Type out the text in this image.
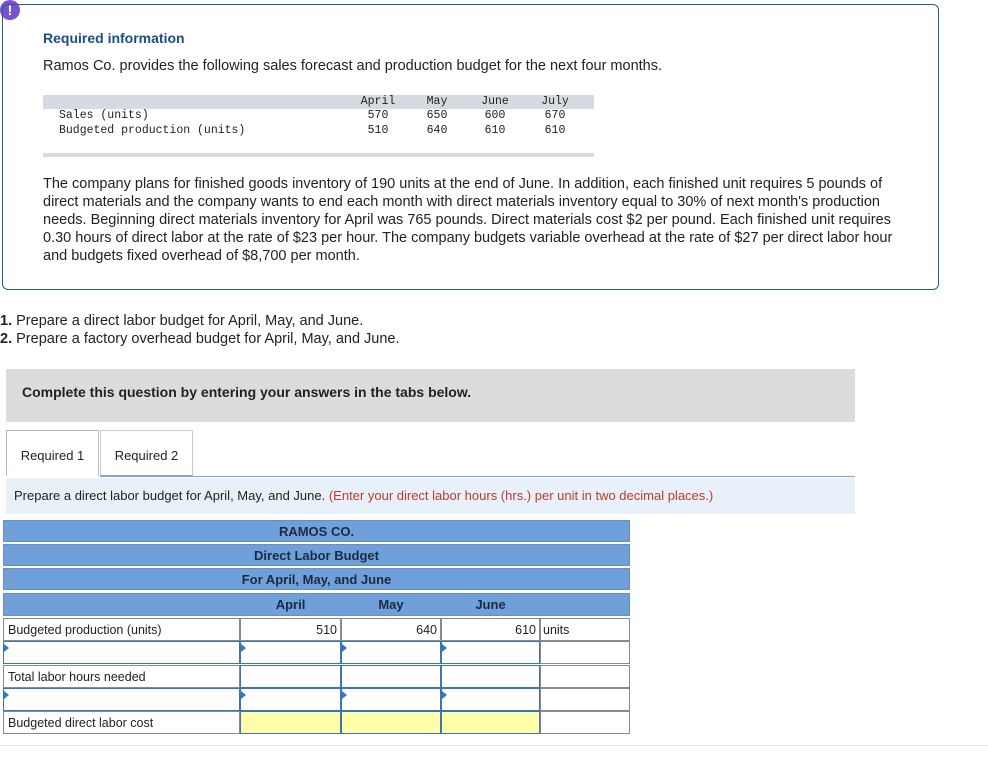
!
Required information
Ramos Co. provides the following sales forecast and production budget for the next four months.
April	May	June	July
Sales (units)	570	650	600	670
Budgeted production (units)	510	640	610	610
The company plans for finished goods inventory of 190 units at the end of June. In addition, each finished unit requires 5 pounds of direct materials and the company wants to end each month with direct materials inventory equal to 30% of next month's production needs. Beginning direct materials inventory for April was 765 pounds. Direct materials cost $2 per pound. Each finished unit requires 0.30 hours of direct labor at the rate of $23 per hour. The company budgets variable overhead at the rate of $27 per direct labor hour and budgets fixed overhead of $8,700 per month.
1. Prepare a direct labor budget for April, May, and June.
2. Prepare a factory overhead budget for April, May, and June.
Complete this question by entering your answers in the tabs below.
Required 1	Required 2
Prepare a direct labor budget for April, May, and June. (Enter your direct labor hours (hrs.) per unit in two decimal places.)
RAMOS CO.
Direct Labor Budget
For April, May, and June
April	May	June
Budgeted production (units)	510	640	610 units
Total labor hours needed
Budgeted direct labor cost
